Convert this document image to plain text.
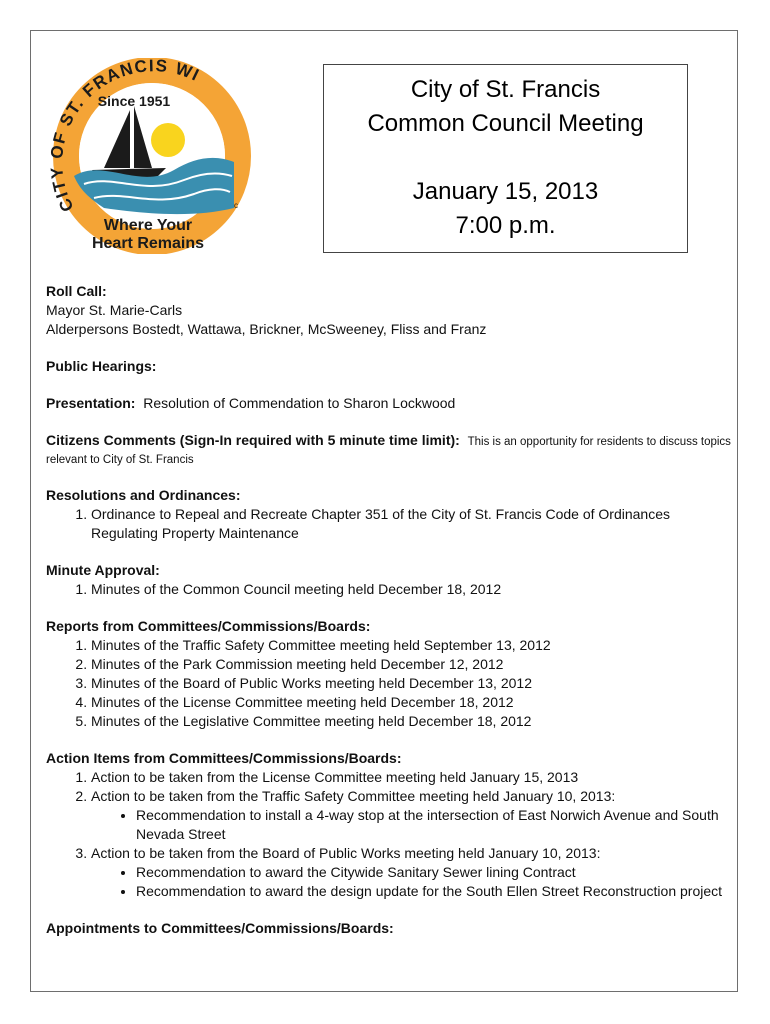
CITY OF ST. FRANCIS WI
Since 1951
Where Your
Heart Remains
c
City of St. Francis
Common Council Meeting
January 15, 2013
7:00 p.m.
Roll Call:
Mayor St. Marie-Carls
Alderpersons Bostedt, Wattawa, Brickner, McSweeney, Fliss and Franz
Public Hearings:
Presentation: Resolution of Commendation to Sharon Lockwood
Citizens Comments (Sign-In required with 5 minute time limit): This is an opportunity for residents to discuss topics
relevant to City of St. Francis
Resolutions and Ordinances:
1. Ordinance to Repeal and Recreate Chapter 351 of the City of St. Francis Code of Ordinances Regulating Property Maintenance
Minute Approval:
1. Minutes of the Common Council meeting held December 18, 2012
Reports from Committees/Commissions/Boards:
1. Minutes of the Traffic Safety Committee meeting held September 13, 2012
2. Minutes of the Park Commission meeting held December 12, 2012
3. Minutes of the Board of Public Works meeting held December 13, 2012
4. Minutes of the License Committee meeting held December 18, 2012
5. Minutes of the Legislative Committee meeting held December 18, 2012
Action Items from Committees/Commissions/Boards:
1. Action to be taken from the License Committee meeting held January 15, 2013
2. Action to be taken from the Traffic Safety Committee meeting held January 10, 2013:
• Recommendation to install a 4-way stop at the intersection of East Norwich Avenue and South Nevada Street
3. Action to be taken from the Board of Public Works meeting held January 10, 2013:
• Recommendation to award the Citywide Sanitary Sewer lining Contract
• Recommendation to award the design update for the South Ellen Street Reconstruction project
Appointments to Committees/Commissions/Boards:
